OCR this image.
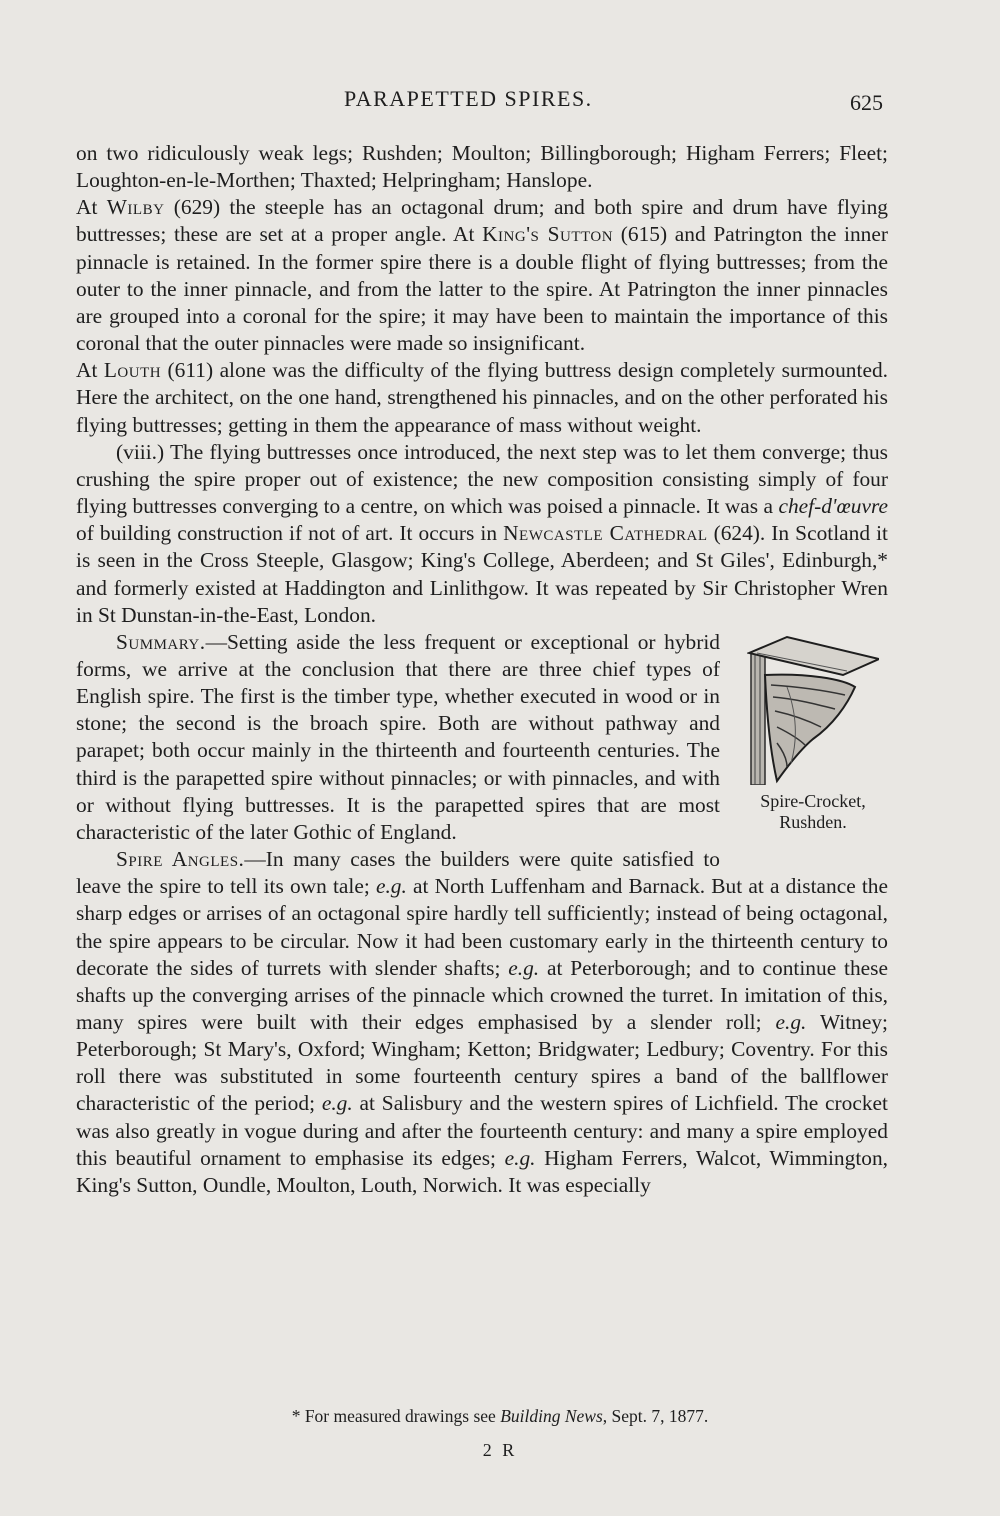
PARAPETTED SPIRES.	625

on two ridiculously weak legs; Rushden; Moulton; Billingborough; Higham Ferrers; Fleet; Loughton-en-le-Morthen; Thaxted; Helpringham; Hanslope.

At Wilby (629) the steeple has an octagonal drum; and both spire and drum have flying buttresses; these are set at a proper angle. At King's Sutton (615) and Patrington the inner pinnacle is retained. In the former spire there is a double flight of flying buttresses; from the outer to the inner pinnacle, and from the latter to the spire. At Patrington the inner pinnacles are grouped into a coronal for the spire; it may have been to maintain the importance of this coronal that the outer pinnacles were made so insignificant.

At Louth (611) alone was the difficulty of the flying buttress design completely surmounted. Here the architect, on the one hand, strengthened his pinnacles, and on the other perforated his flying buttresses; getting in them the appearance of mass without weight.

(viii.) The flying buttresses once introduced, the next step was to let them converge; thus crushing the spire proper out of existence; the new composition consisting simply of four flying buttresses converging to a centre, on which was poised a pinnacle. It was a chef-d'œuvre of building construction if not of art. It occurs in Newcastle Cathedral (624). In Scotland it is seen in the Cross Steeple, Glasgow; King's College, Aberdeen; and St Giles', Edinburgh,* and formerly existed at Haddington and Linlithgow. It was repeated by Sir Christopher Wren in St Dunstan-in-the-East, London.

Spire-Crocket,
Rushden.

Summary.—Setting aside the less frequent or exceptional or hybrid forms, we arrive at the conclusion that there are three chief types of English spire. The first is the timber type, whether executed in wood or in stone; the second is the broach spire. Both are without pathway and parapet; both occur mainly in the thirteenth and fourteenth centuries. The third is the parapetted spire without pinnacles; or with pinnacles, and with or without flying buttresses. It is the parapetted spires that are most characteristic of the later Gothic of England.

Spire Angles.—In many cases the builders were quite satisfied to leave the spire to tell its own tale; e.g. at North Luffenham and Barnack. But at a distance the sharp edges or arrises of an octagonal spire hardly tell sufficiently; instead of being octagonal, the spire appears to be circular. Now it had been customary early in the thirteenth century to decorate the sides of turrets with slender shafts; e.g. at Peterborough; and to continue these shafts up the converging arrises of the pinnacle which crowned the turret. In imitation of this, many spires were built with their edges emphasised by a slender roll; e.g. Witney; Peterborough; St Mary's, Oxford; Wingham; Ketton; Bridgwater; Ledbury; Coventry. For this roll there was substituted in some fourteenth century spires a band of the ballflower characteristic of the period; e.g. at Salisbury and the western spires of Lichfield. The crocket was also greatly in vogue during and after the fourteenth century: and many a spire employed this beautiful ornament to emphasise its edges; e.g. Higham Ferrers, Walcot, Wimmington, King's Sutton, Oundle, Moulton, Louth, Norwich. It was especially

* For measured drawings see Building News, Sept. 7, 1877.
2 R
